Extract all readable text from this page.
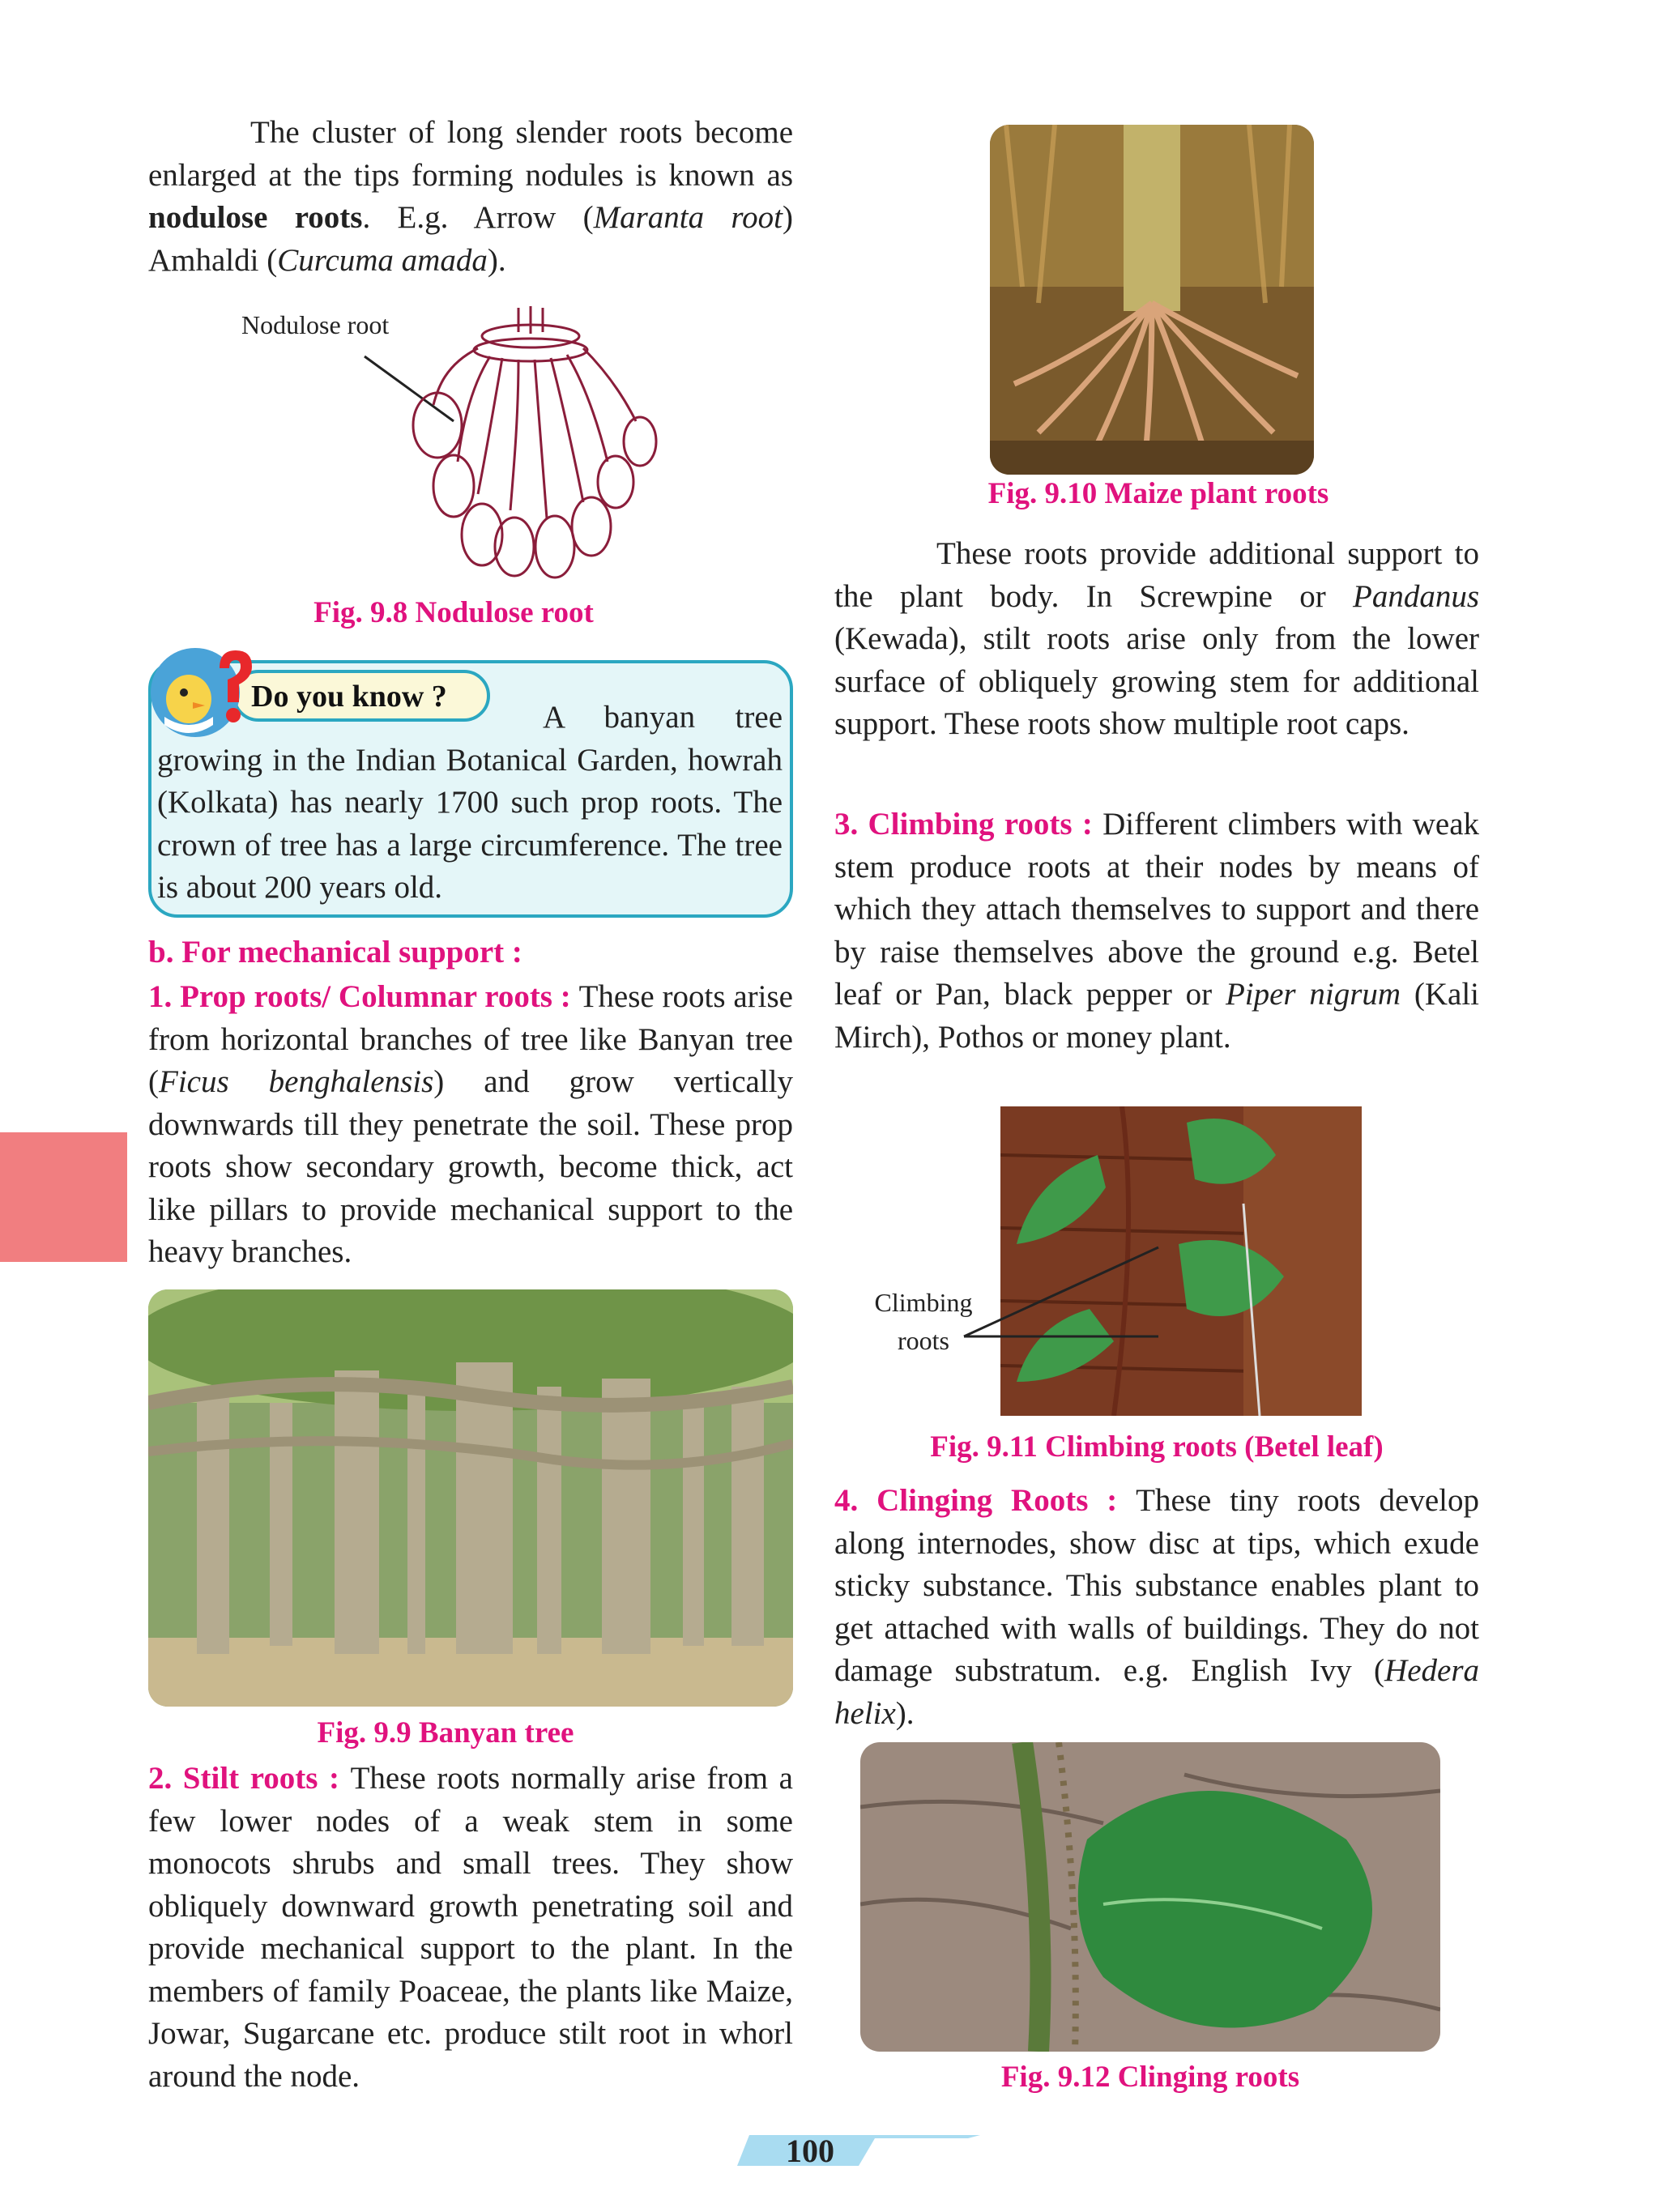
The cluster of long slender roots become enlarged at the tips forming nodules is known as nodulose roots. E.g. Arrow (Maranta root) Amhaldi (Curcuma amada).

Nodulose root
Fig. 9.8 Nodulose root
Do you know ?

A banyan tree growing in the Indian Botanical Garden, howrah (Kolkata) has nearly 1700 such prop roots. The crown of tree has a large circumference. The tree is about 200 years old.

b. For mechanical support :

1. Prop roots/ Columnar roots : These roots arise from horizontal branches of tree like Banyan tree (Ficus benghalensis) and grow vertically downwards till they penetrate the soil. These prop roots show secondary growth, become thick, act like pillars to provide mechanical support to the heavy branches.

Fig. 9.9 Banyan tree

2. Stilt roots : These roots normally arise from a few lower nodes of a weak stem in some monocots shrubs and small trees. They show obliquely downward growth penetrating soil and provide mechanical support to the plant. In the members of family Poaceae, the plants like Maize, Jowar, Sugarcane etc. produce stilt root in whorl around the node.

Fig. 9.10 Maize plant roots

These roots provide additional support to the plant body. In Screwpine or Pandanus (Kewada), stilt roots arise only from the lower surface of obliquely growing stem for additional support. These roots show multiple root caps.

3. Climbing roots : Different climbers with weak stem produce roots at their nodes by means of which they attach themselves to support and there by raise themselves above the ground e.g. Betel leaf or Pan, black pepper or Piper nigrum (Kali Mirch), Pothos or money plant.

Climbing
roots
Fig. 9.11 Climbing roots (Betel leaf)

4. Clinging Roots : These tiny roots develop along internodes, show disc at tips, which exude sticky substance. This substance enables plant to get attached with walls of buildings. They do not damage substratum. e.g. English Ivy (Hedera helix).

Fig. 9.12 Clinging roots
100
